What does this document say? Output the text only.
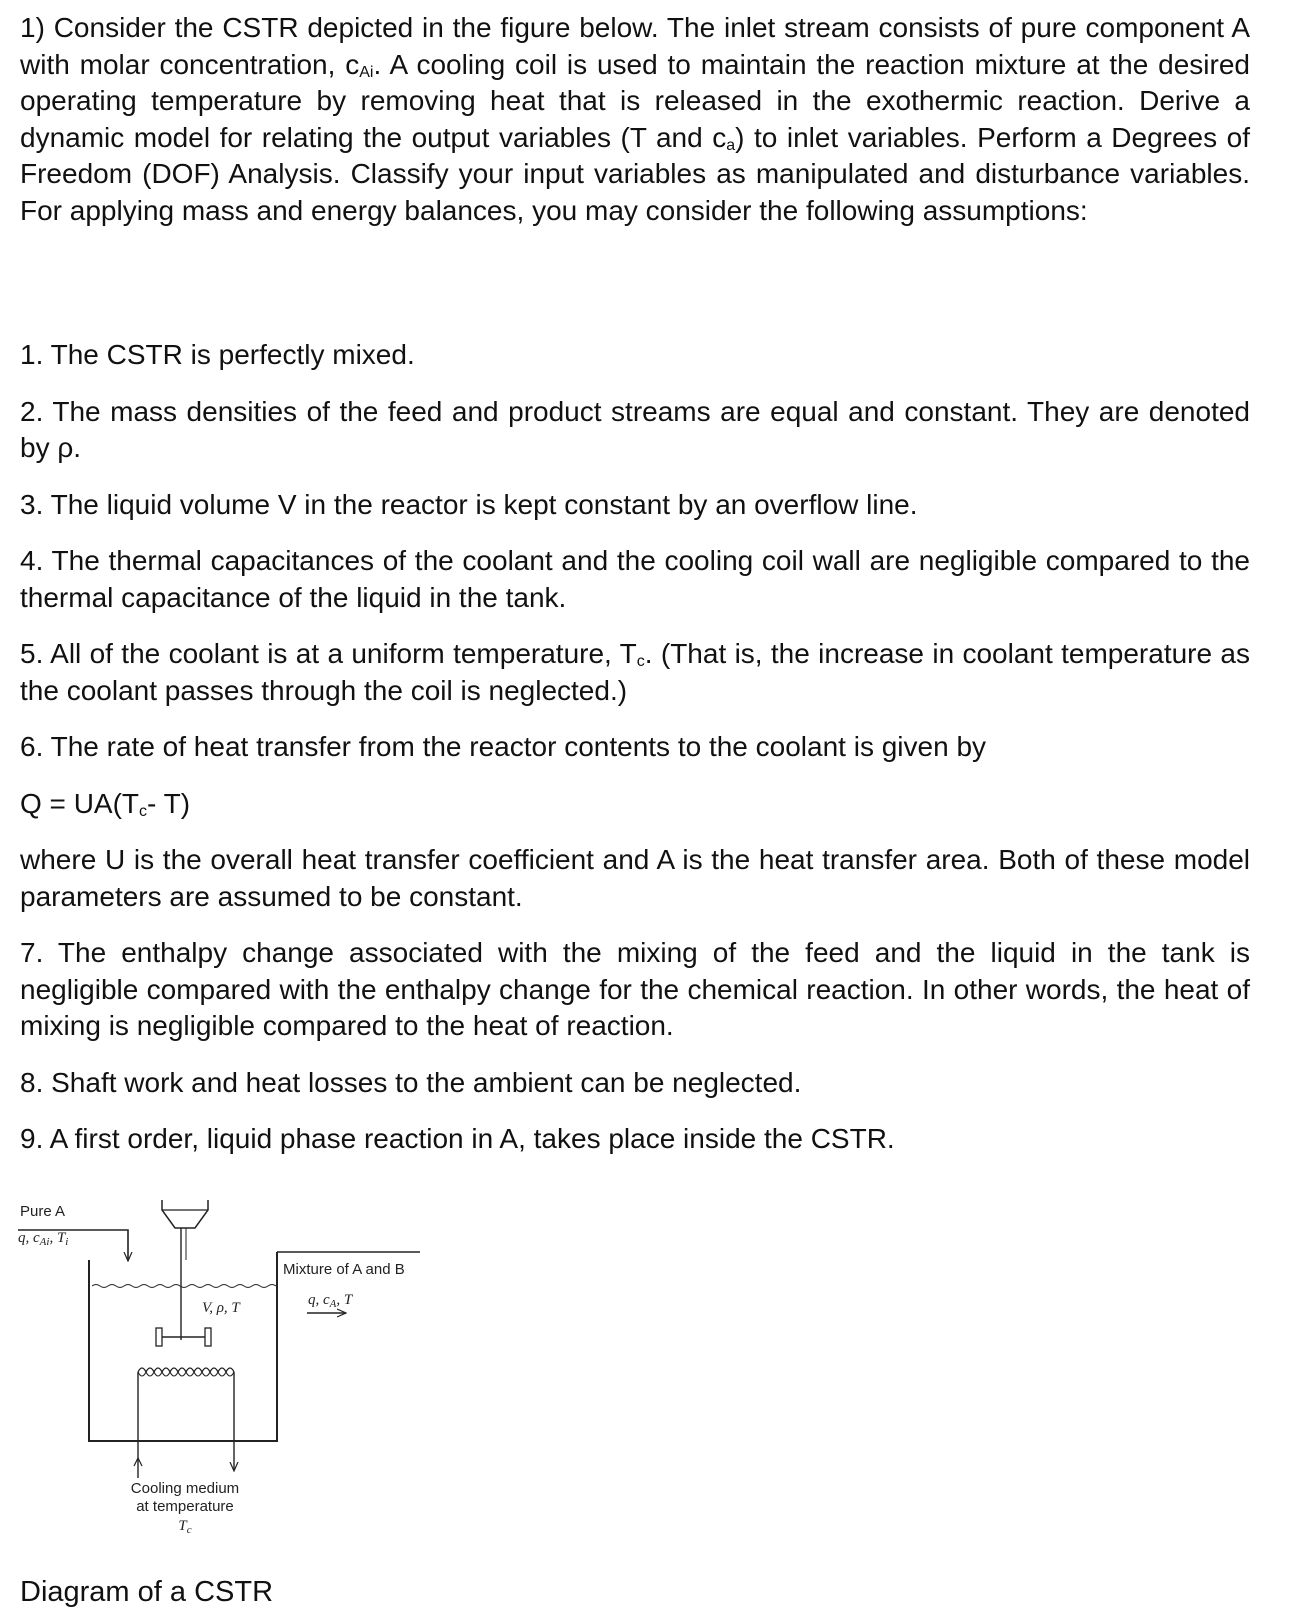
1) Consider the CSTR depicted in the figure below. The inlet stream consists of pure component A with molar concentration, $c_{Ai}$. A cooling coil is used to maintain the reaction mixture at the desired operating temperature by removing heat that is released in the exothermic reaction. Derive a dynamic model for relating the output variables (T and $c_a$) to inlet variables. Perform a Degrees of Freedom (DOF) Analysis. Classify your input variables as manipulated and disturbance variables. For applying mass and energy balances, you may consider the following assumptions:

1. The CSTR is perfectly mixed.

2. The mass densities of the feed and product streams are equal and constant. They are denoted by ρ.

3. The liquid volume V in the reactor is kept constant by an overflow line.

4. The thermal capacitances of the coolant and the cooling coil wall are negligible compared to the thermal capacitance of the liquid in the tank.

5. All of the coolant is at a uniform temperature, $T_c$. (That is, the increase in coolant temperature as the coolant passes through the coil is neglected.)

6. The rate of heat transfer from the reactor contents to the coolant is given by

$Q = UA(T_c-$ T)

where U is the overall heat transfer coefficient and A is the heat transfer area. Both of these model parameters are assumed to be constant.

7. The enthalpy change associated with the mixing of the feed and the liquid in the tank is negligible compared with the enthalpy change for the chemical reaction. In other words, the heat of mixing is negligible compared to the heat of reaction.

8. Shaft work and heat losses to the ambient can be neglected.

9. A first order, liquid phase reaction in A, takes place inside the CSTR.

Pure A
q, $c_{Ai}$, $T_i$
V, ρ, T
Mixture of A and B
q, $c_A$, T
Cooling medium
at temperature
$T_c$

Diagram of a CSTR
